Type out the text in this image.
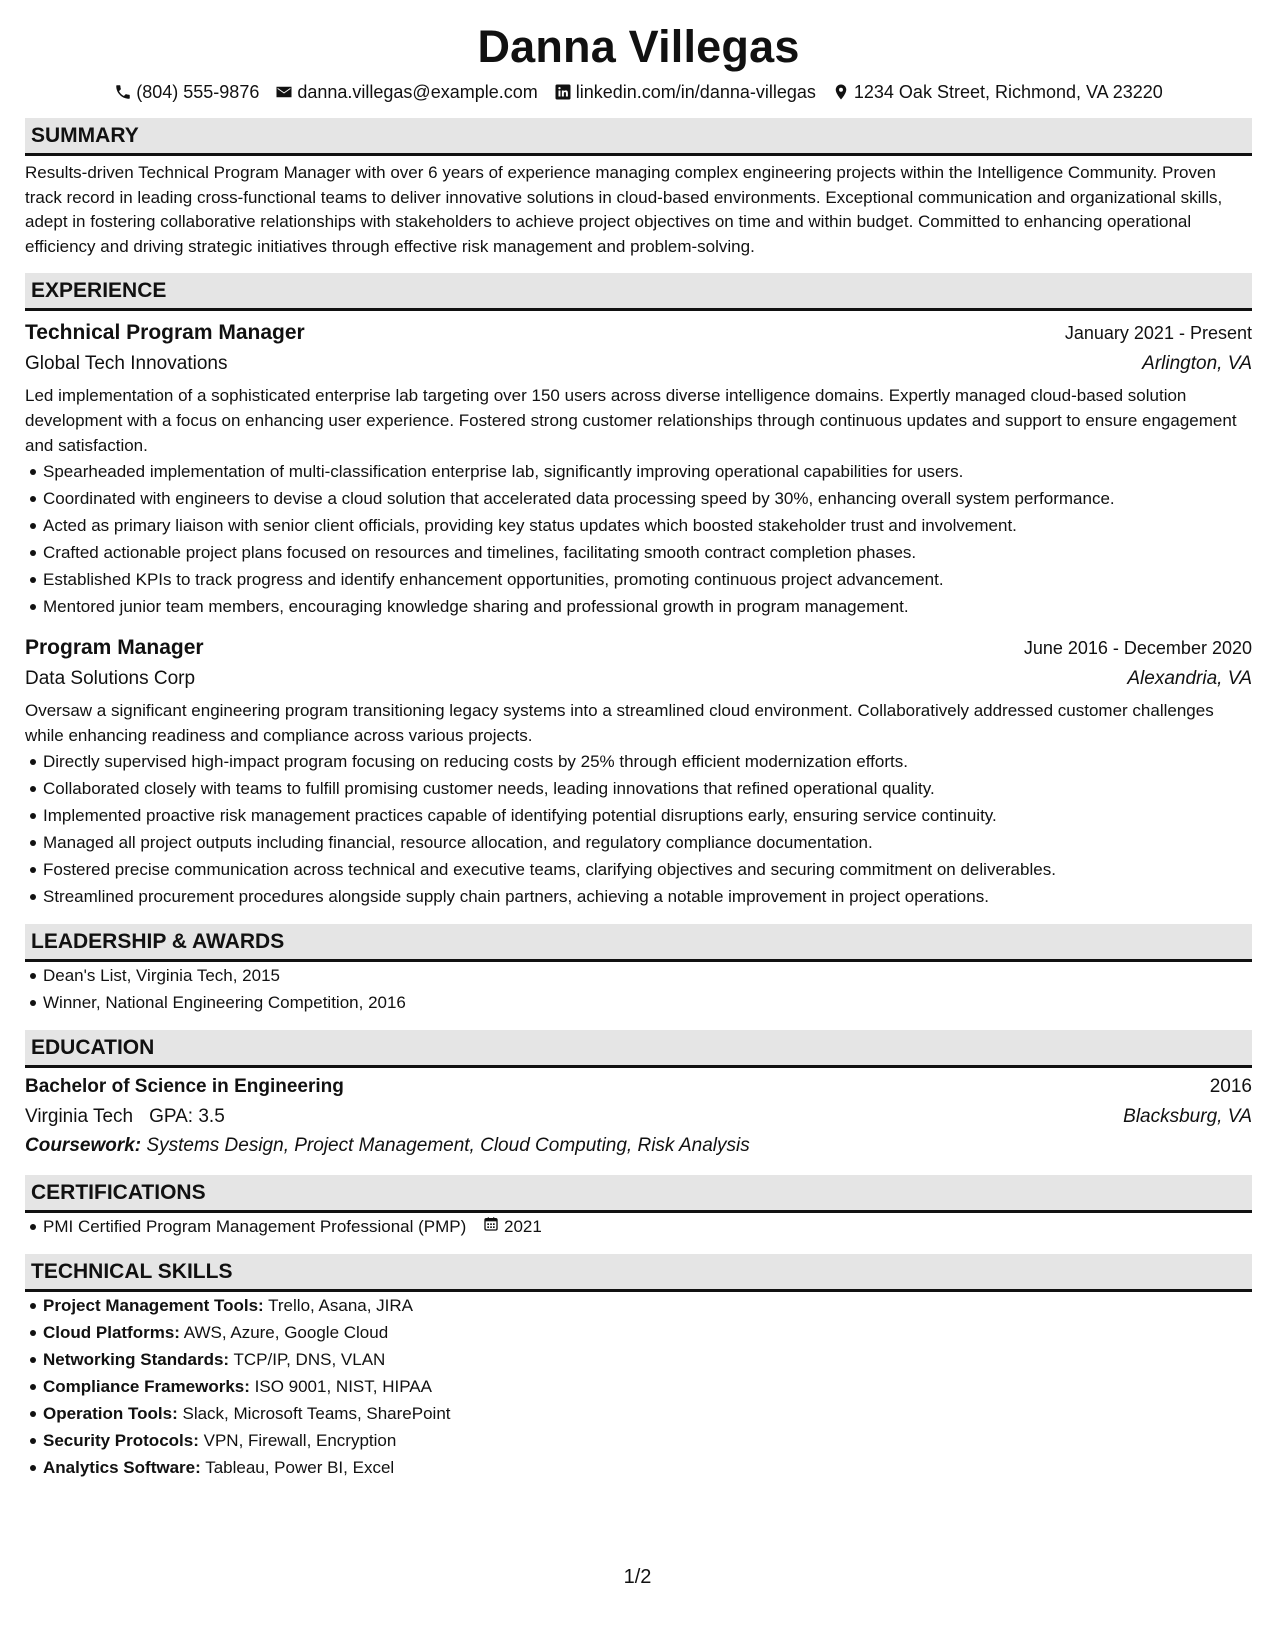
Danna Villegas
(804) 555-9876 danna.villegas@example.com linkedin.com/in/danna-villegas 1234 Oak Street, Richmond, VA 23220
SUMMARY
Results-driven Technical Program Manager with over 6 years of experience managing complex engineering projects within the Intelligence Community. Proven track record in leading cross-functional teams to deliver innovative solutions in cloud-based environments. Exceptional communication and organizational skills, adept in fostering collaborative relationships with stakeholders to achieve project objectives on time and within budget. Committed to enhancing operational efficiency and driving strategic initiatives through effective risk management and problem-solving.
EXPERIENCE
Technical Program Manager	January 2021 - Present
Global Tech Innovations	Arlington, VA
Led implementation of a sophisticated enterprise lab targeting over 150 users across diverse intelligence domains. Expertly managed cloud-based solution development with a focus on enhancing user experience. Fostered strong customer relationships through continuous updates and support to ensure engagement and satisfaction.
Spearheaded implementation of multi-classification enterprise lab, significantly improving operational capabilities for users.
Coordinated with engineers to devise a cloud solution that accelerated data processing speed by 30%, enhancing overall system performance.
Acted as primary liaison with senior client officials, providing key status updates which boosted stakeholder trust and involvement.
Crafted actionable project plans focused on resources and timelines, facilitating smooth contract completion phases.
Established KPIs to track progress and identify enhancement opportunities, promoting continuous project advancement.
Mentored junior team members, encouraging knowledge sharing and professional growth in program management.
Program Manager	June 2016 - December 2020
Data Solutions Corp	Alexandria, VA
Oversaw a significant engineering program transitioning legacy systems into a streamlined cloud environment. Collaboratively addressed customer challenges while enhancing readiness and compliance across various projects.
Directly supervised high-impact program focusing on reducing costs by 25% through efficient modernization efforts.
Collaborated closely with teams to fulfill promising customer needs, leading innovations that refined operational quality.
Implemented proactive risk management practices capable of identifying potential disruptions early, ensuring service continuity.
Managed all project outputs including financial, resource allocation, and regulatory compliance documentation.
Fostered precise communication across technical and executive teams, clarifying objectives and securing commitment on deliverables.
Streamlined procurement procedures alongside supply chain partners, achieving a notable improvement in project operations.
LEADERSHIP & AWARDS
Dean's List, Virginia Tech, 2015
Winner, National Engineering Competition, 2016
EDUCATION
Bachelor of Science in Engineering	2016
Virginia Tech GPA: 3.5	Blacksburg, VA
Coursework: Systems Design, Project Management, Cloud Computing, Risk Analysis
CERTIFICATIONS
PMI Certified Program Management Professional (PMP) 2021
TECHNICAL SKILLS
Project Management Tools: Trello, Asana, JIRA
Cloud Platforms: AWS, Azure, Google Cloud
Networking Standards: TCP/IP, DNS, VLAN
Compliance Frameworks: ISO 9001, NIST, HIPAA
Operation Tools: Slack, Microsoft Teams, SharePoint
Security Protocols: VPN, Firewall, Encryption
Analytics Software: Tableau, Power BI, Excel
1/2
